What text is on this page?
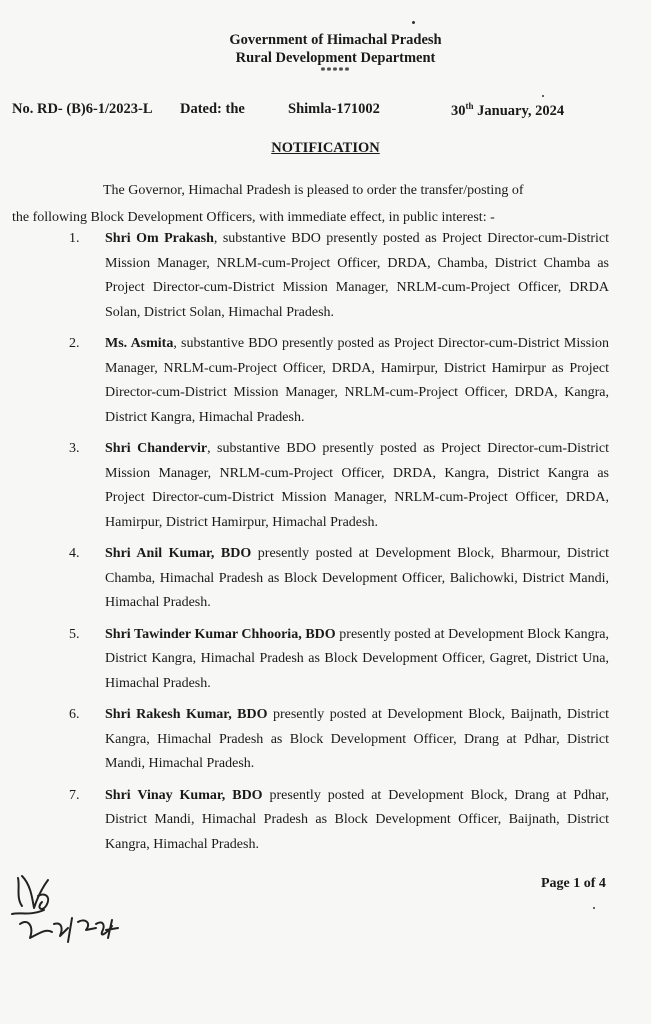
Government of Himachal Pradesh
Rural Development Department
*****
No. RD- (B)6-1/2023-L Dated: the	Shimla-171002	30th January, 2024
NOTIFICATION

The Governor, Himachal Pradesh is pleased to order the transfer/posting of

the following Block Development Officers, with immediate effect, in public interest: -

1. Shri Om Prakash, substantive BDO presently posted as Project Director-cum-District Mission Manager, NRLM-cum-Project Officer, DRDA, Chamba, District Chamba as Project Director-cum-District Mission Manager, NRLM-cum-Project Officer, DRDA Solan, District Solan, Himachal Pradesh.
2. Ms. Asmita, substantive BDO presently posted as Project Director-cum-District Mission Manager, NRLM-cum-Project Officer, DRDA, Hamirpur, District Hamirpur as Project Director-cum-District Mission Manager, NRLM-cum-Project Officer, DRDA, Kangra, District Kangra, Himachal Pradesh.
3. Shri Chandervir, substantive BDO presently posted as Project Director-cum-District Mission Manager, NRLM-cum-Project Officer, DRDA, Kangra, District Kangra as Project Director-cum-District Mission Manager, NRLM-cum-Project Officer, DRDA, Hamirpur, District Hamirpur, Himachal Pradesh.
4. Shri Anil Kumar, BDO presently posted at Development Block, Bharmour, District Chamba, Himachal Pradesh as Block Development Officer, Balichowki, District Mandi, Himachal Pradesh.
5. Shri Tawinder Kumar Chhooria, BDO presently posted at Development Block Kangra, District Kangra, Himachal Pradesh as Block Development Officer, Gagret, District Una, Himachal Pradesh.
6. Shri Rakesh Kumar, BDO presently posted at Development Block, Baijnath, District Kangra, Himachal Pradesh as Block Development Officer, Drang at Pdhar, District Mandi, Himachal Pradesh.
7. Shri Vinay Kumar, BDO presently posted at Development Block, Drang at Pdhar, District Mandi, Himachal Pradesh as Block Development Officer, Baijnath, District Kangra, Himachal Pradesh.
Page 1 of 4
